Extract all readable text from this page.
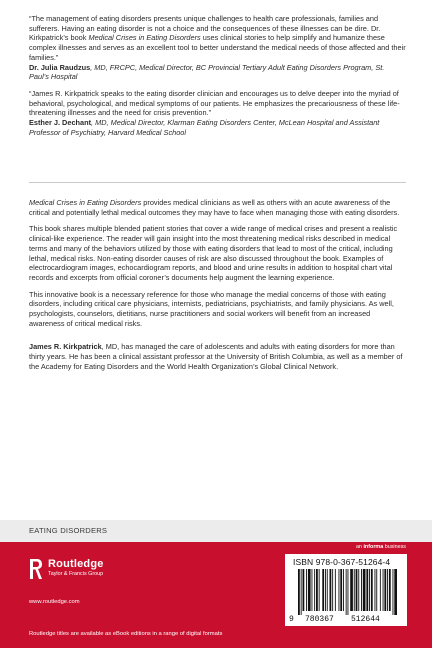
“The management of eating disorders presents unique challenges to health care professionals, families and sufferers. Having an eating disorder is not a choice and the consequences of these illnesses can be dire. Dr. Kirkpatrick’s book Medical Crises in Eating Disorders uses clinical stories to help simplify and humanize these complex illnesses and serves as an excellent tool to better understand the medical needs of those affected and their families.”
Dr. Julia Raudzus, MD, FRCPC, Medical Director, BC Provincial Tertiary Adult Eating Disorders Program, St. Paul’s Hospital
“James R. Kirkpatrick speaks to the eating disorder clinician and encourages us to delve deeper into the myriad of behavioral, psychological, and medical symptoms of our patients. He emphasizes the precariousness of these life-threatening illnesses and the need for crisis prevention.”
Esther J. Dechant, MD, Medical Director, Klarman Eating Disorders Center, McLean Hospital and Assistant Professor of Psychiatry, Harvard Medical School

Medical Crises in Eating Disorders provides medical clinicians as well as others with an acute awareness of the critical and potentially lethal medical outcomes they may have to face when managing those with eating disorders.

This book shares multiple blended patient stories that cover a wide range of medical crises and present a realistic clinical-like experience. The reader will gain insight into the most threatening medical risks described in medical terms and many of the behaviors utilized by those with eating disorders that lead to most of the critical, including lethal, medical risks. Non-eating disorder causes of risk are also discussed throughout the book. Examples of electrocardiogram images, echocardiogram reports, and blood and urine results in addition to hospital chart vital records and excerpts from official coroner’s documents help augment the learning experience.

This innovative book is a necessary reference for those who manage the medial concerns of those with eating disorders, including critical care physicians, internists, pediatricians, psychiatrists, and family physicians. As well, psychologists, counselors, dietitians, nurse practitioners and social workers will benefit from an increased awareness of critical medical risks.

James R. Kirkpatrick, MD, has managed the care of adolescents and adults with eating disorders for more than thirty years. He has been a clinical assistant professor at the University of British Columbia, as well as a member of the Academy for Eating Disorders and the World Health Organization’s Global Clinical Network.

EATING DISORDERS
an informa business
Routledge
Taylor & Francis Group
www.routledge.com
Routledge titles are available as eBook editions in a range of digital formats
ISBN 978-0-367-51264-4
9 780367 512644
